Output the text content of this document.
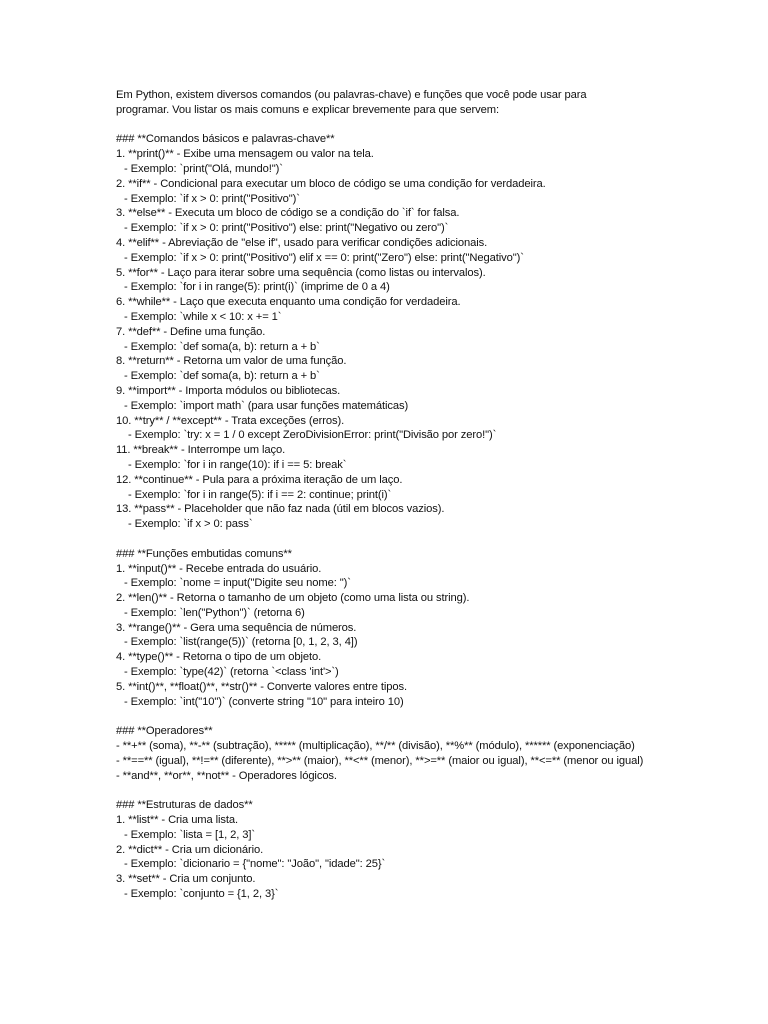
Em Python, existem diversos comandos (ou palavras-chave) e funções que você pode usar para
programar. Vou listar os mais comuns e explicar brevemente para que servem:
### **Comandos básicos e palavras-chave**
1. **print()** - Exibe uma mensagem ou valor na tela.
- Exemplo: `print("Olá, mundo!")`
2. **if** - Condicional para executar um bloco de código se uma condição for verdadeira.
- Exemplo: `if x > 0: print("Positivo")`
3. **else** - Executa um bloco de código se a condição do `if` for falsa.
- Exemplo: `if x > 0: print("Positivo") else: print("Negativo ou zero")`
4. **elif** - Abreviação de "else if", usado para verificar condições adicionais.
- Exemplo: `if x > 0: print("Positivo") elif x == 0: print("Zero") else: print("Negativo")`
5. **for** - Laço para iterar sobre uma sequência (como listas ou intervalos).
- Exemplo: `for i in range(5): print(i)` (imprime de 0 a 4)
6. **while** - Laço que executa enquanto uma condição for verdadeira.
- Exemplo: `while x < 10: x += 1`
7. **def** - Define uma função.
- Exemplo: `def soma(a, b): return a + b`
8. **return** - Retorna um valor de uma função.
- Exemplo: `def soma(a, b): return a + b`
9. **import** - Importa módulos ou bibliotecas.
- Exemplo: `import math` (para usar funções matemáticas)
10. **try** / **except** - Trata exceções (erros).
- Exemplo: `try: x = 1 / 0 except ZeroDivisionError: print("Divisão por zero!")`
11. **break** - Interrompe um laço.
- Exemplo: `for i in range(10): if i == 5: break`
12. **continue** - Pula para a próxima iteração de um laço.
- Exemplo: `for i in range(5): if i == 2: continue; print(i)`
13. **pass** - Placeholder que não faz nada (útil em blocos vazios).
- Exemplo: `if x > 0: pass`
### **Funções embutidas comuns**
1. **input()** - Recebe entrada do usuário.
- Exemplo: `nome = input("Digite seu nome: ")`
2. **len()** - Retorna o tamanho de um objeto (como uma lista ou string).
- Exemplo: `len("Python")` (retorna 6)
3. **range()** - Gera uma sequência de números.
- Exemplo: `list(range(5))` (retorna [0, 1, 2, 3, 4])
4. **type()** - Retorna o tipo de um objeto.
- Exemplo: `type(42)` (retorna `<class 'int'>`)
5. **int()**, **float()**, **str()** - Converte valores entre tipos.
- Exemplo: `int("10")` (converte string "10" para inteiro 10)
### **Operadores**
- **+** (soma), **-** (subtração), ***** (multiplicação), **/** (divisão), **%** (módulo), ****** (exponenciação)
- **==** (igual), **!=** (diferente), **>** (maior), **<** (menor), **>=** (maior ou igual), **<=** (menor ou igual)
- **and**, **or**, **not** - Operadores lógicos.
### **Estruturas de dados**
1. **list** - Cria uma lista.
- Exemplo: `lista = [1, 2, 3]`
2. **dict** - Cria um dicionário.
- Exemplo: `dicionario = {"nome": "João", "idade": 25}`
3. **set** - Cria um conjunto.
- Exemplo: `conjunto = {1, 2, 3}`
